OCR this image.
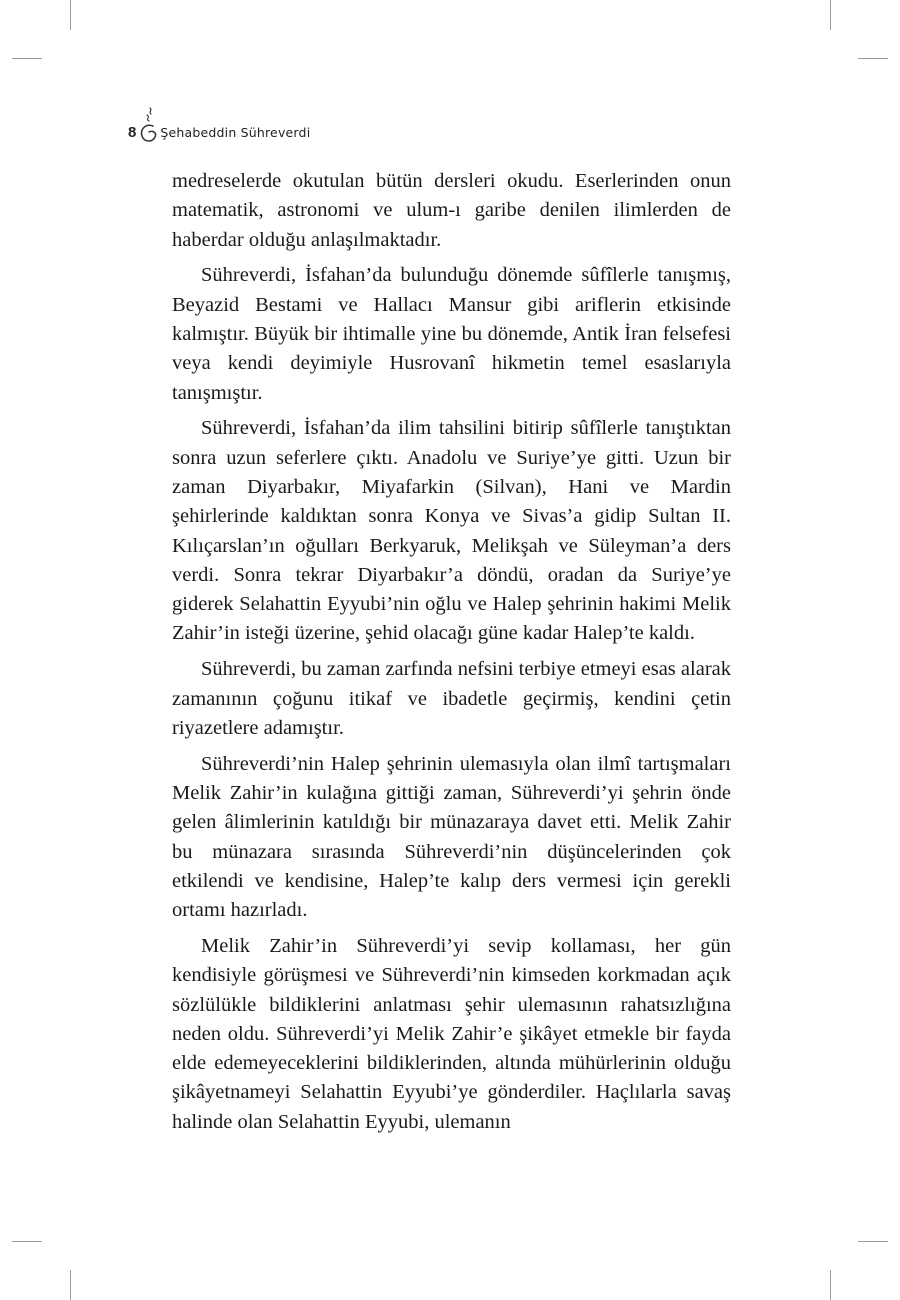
8 Şehabeddin Sühreverdi

medreselerde okutulan bütün dersleri okudu. Eserlerinden onun matematik, astronomi ve ulum-ı garibe denilen ilimlerden de haberdar olduğu anlaşılmaktadır.

Sühreverdi, İsfahan’da bulunduğu dönemde sûfîlerle tanışmış, Beyazid Bestami ve Hallacı Mansur gibi ariflerin etkisinde kalmıştır. Büyük bir ihtimalle yine bu dönemde, Antik İran felsefesi veya kendi deyimiyle Husrovanî hikmetin temel esaslarıyla tanışmıştır.

Sühreverdi, İsfahan’da ilim tahsilini bitirip sûfîlerle tanıştıktan sonra uzun seferlere çıktı. Anadolu ve Suriye’ye gitti. Uzun bir zaman Diyarbakır, Miyafarkin (Silvan), Hani ve Mardin şehirlerinde kaldıktan sonra Konya ve Sivas’a gidip Sultan II. Kılıçarslan’ın oğulları Berkyaruk, Melikşah ve Süleyman’a ders verdi. Sonra tekrar Diyarbakır’a döndü, oradan da Suriye’ye giderek Selahattin Eyyubi’nin oğlu ve Halep şehrinin hakimi Melik Zahir’in isteği üzerine, şehid olacağı güne kadar Halep’te kaldı.

Sühreverdi, bu zaman zarfında nefsini terbiye etmeyi esas alarak zamanının çoğunu itikaf ve ibadetle geçirmiş, kendini çetin riyazetlere adamıştır.

Sühreverdi’nin Halep şehrinin ulemasıyla olan ilmî tartışmaları Melik Zahir’in kulağına gittiği zaman, Sühreverdi’yi şehrin önde gelen âlimlerinin katıldığı bir münazaraya davet etti. Melik Zahir bu münazara sırasında Sühreverdi’nin düşüncelerinden çok etkilendi ve kendisine, Halep’te kalıp ders vermesi için gerekli ortamı hazırladı.

Melik Zahir’in Sühreverdi’yi sevip kollaması, her gün kendisiyle görüşmesi ve Sühreverdi’nin kimseden korkmadan açık sözlülükle bildiklerini anlatması şehir ulemasının rahatsızlığına neden oldu. Sühreverdi’yi Melik Zahir’e şikâyet etmekle bir fayda elde edemeyeceklerini bildiklerinden, altında mühürlerinin olduğu şikâyetnameyi Selahattin Eyyubi’ye gönderdiler. Haçlılarla savaş halinde olan Selahattin Eyyubi, ulemanın
